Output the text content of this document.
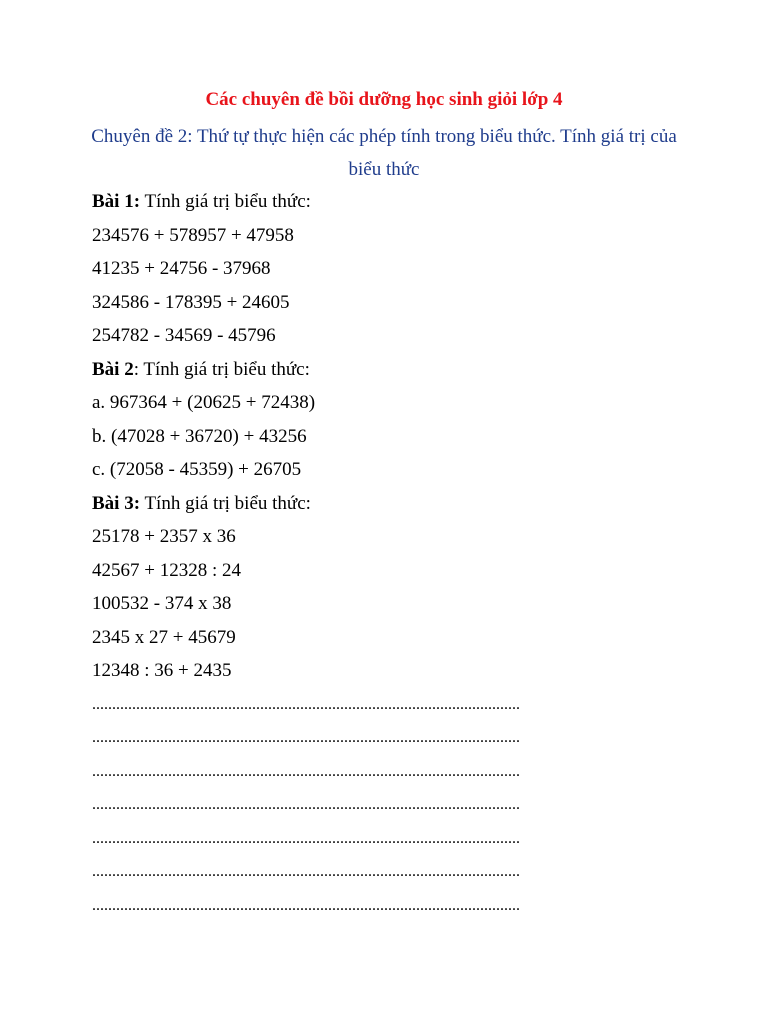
Các chuyên đề bồi dưỡng học sinh giỏi lớp 4
Chuyên đề 2: Thứ tự thực hiện các phép tính trong biểu thức. Tính giá trị của biểu thức
Bài 1: Tính giá trị biểu thức:
234576 + 578957 + 47958
41235 + 24756 - 37968
324586 - 178395 + 24605
254782 - 34569 - 45796
Bài 2: Tính giá trị biểu thức:
a. 967364 + (20625 + 72438)
b. (47028 + 36720) + 43256
c. (72058 - 45359) + 26705
Bài 3: Tính giá trị biểu thức:
25178 + 2357 x 36
42567 + 12328 : 24
100532 - 374 x 38
2345 x 27 + 45679
12348 : 36 + 2435
...........................................................................................................
...........................................................................................................
...........................................................................................................
...........................................................................................................
...........................................................................................................
...........................................................................................................
...........................................................................................................
